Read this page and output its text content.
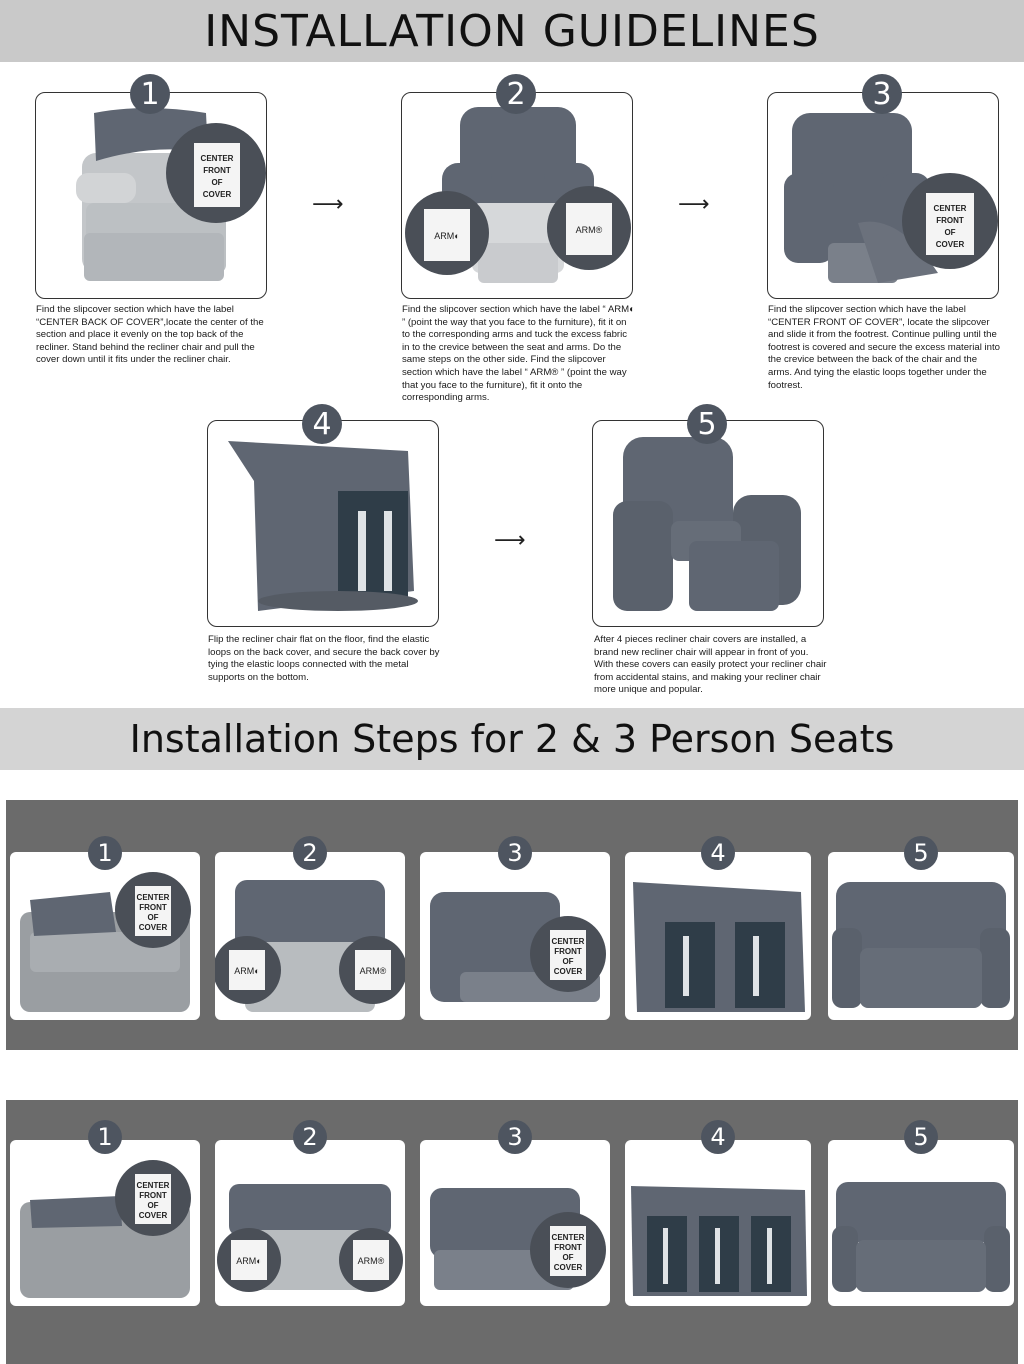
INSTALLATION GUIDELINES
CENTER
FRONT
OF
COVER
1
Find the slipcover section which have the label “CENTER BACK OF COVER”,locate the center of the section and place it evenly on the top back of the recliner. Stand behind the recliner chair and pull the cover down until it fits under the recliner chair.
⟶
ARM◐
ARM®
2
Find the slipcover section which have the label “ ARM◐ ” (point the way that you face to the furniture), fit it on to the corresponding arms and tuck the excess fabric in to the crevice between the seat and arms. Do the same steps on the other side. Find the slipcover section which have the label “ ARM® ” (point the way that you face to the furniture), fit it onto the corresponding arms.
⟶	CENTER
FRONT
OF
COVER
3
Find the slipcover section which have the label “CENTER FRONT OF COVER”, locate the slipcover and slide it from the footrest. Continue pulling until the footrest is covered and secure the excess material into the crevice between the back of the chair and the arms. And tying the elastic loops together under the footrest.
4
Flip the recliner chair flat on the floor, find the elastic loops on the back cover, and secure the back cover by tying the elastic loops connected with the metal supports on the bottom.
⟶
5
After 4 pieces recliner chair covers are installed, a brand new recliner chair will appear in front of you. With these covers can easily protect your recliner chair from accidental stains, and making your recliner chair more unique and popular.
Installation Steps for 2 & 3 Person Seats
CENTER
FRONT
OF
COVER
1
ARM◐	ARM®
2
CENTER
FRONT
OF
COVER
3	4	5
CENTER
FRONT
OF
COVER
1
ARM◐	ARM®
2
CENTER
FRONT
OF
COVER
3	4	5
